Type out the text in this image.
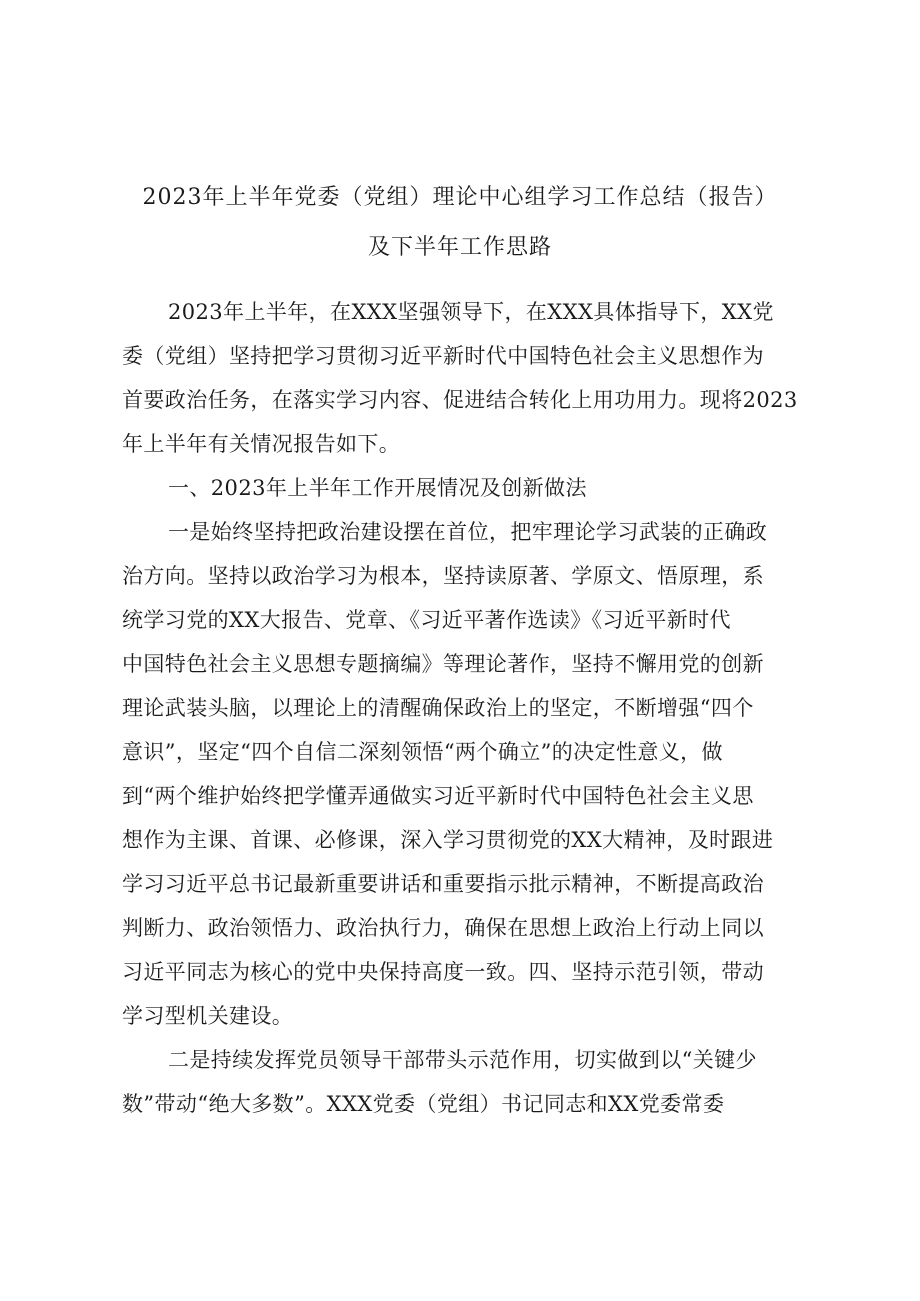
2023年上半年党委（党组）理论中心组学习工作总结（报告）
及下半年工作思路
2023年上半年，在XXX坚强领导下，在XXX具体指导下，XX党
委（党组）坚持把学习贯彻习近平新时代中国特色社会主义思想作为
首要政治任务，在落实学习内容、促进结合转化上用功用力。现将2023
年上半年有关情况报告如下。
一、2023年上半年工作开展情况及创新做法
一是始终坚持把政治建设摆在首位，把牢理论学习武装的正确政
治方向。坚持以政治学习为根本，坚持读原著、学原文、悟原理，系
统学习党的XX大报告、党章、《习近平著作选读》《习近平新时代
中国特色社会主义思想专题摘编》等理论著作，坚持不懈用党的创新
理论武装头脑，以理论上的清醒确保政治上的坚定，不断增强“四个
意识”，坚定“四个自信二深刻领悟“两个确立”的决定性意义，做
到“两个维护始终把学懂弄通做实习近平新时代中国特色社会主义思
想作为主课、首课、必修课，深入学习贯彻党的XX大精神，及时跟进
学习习近平总书记最新重要讲话和重要指示批示精神，不断提高政治
判断力、政治领悟力、政治执行力，确保在思想上政治上行动上同以
习近平同志为核心的党中央保持高度一致。四、坚持示范引领，带动
学习型机关建设。
二是持续发挥党员领导干部带头示范作用，切实做到以“关键少
数”带动“绝大多数”。XXX党委（党组）书记同志和XX党委常委
